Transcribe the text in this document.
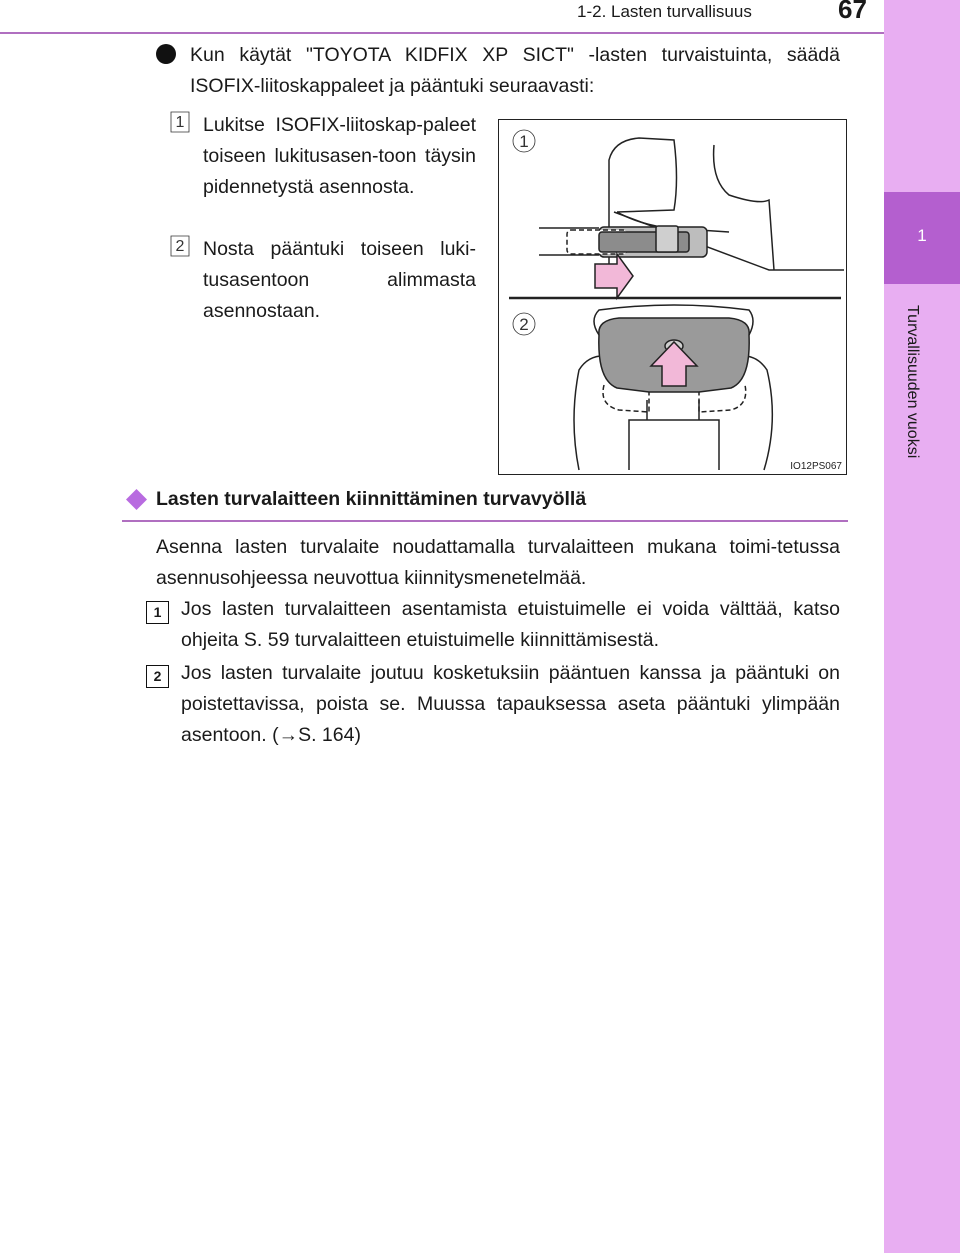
1-2. Lasten turvallisuus	67
1
Turvallisuuden vuoksi

Kun käytät "TOYOTA KIDFIX XP SICT" -lasten turvaistuinta, säädä ISOFIX-liitoskappaleet ja pääntuki seuraavasti:

1 Lukitse ISOFIX-liitoskap-paleet toiseen lukitusasen-toon täysin pidennetystä asennosta.

2 Nosta pääntuki toiseen luki-tusasentoon alimmasta asennostaan.

1
2
IO12PS067
Lasten turvalaitteen kiinnittäminen turvavyöllä

Asenna lasten turvalaite noudattamalla turvalaitteen mukana toimi-tetussa asennusohjeessa neuvottua kiinnitysmenetelmää.

1	Jos lasten turvalaitteen asentamista etuistuimelle ei voida välttää, katso ohjeita S. 59 turvalaitteen etuistuimelle kiinnittämisestä.

2	Jos lasten turvalaite joutuu kosketuksiin pääntuen kanssa ja pääntuki on poistettavissa, poista se. Muussa tapauksessa aseta pääntuki ylimpään asentoon. (→S. 164)
